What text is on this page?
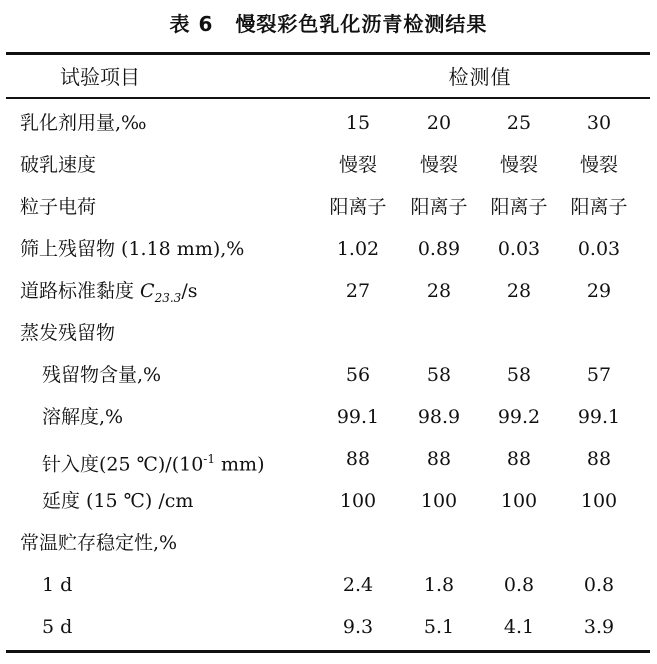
表 6 慢裂彩色乳化沥青检测结果
试验项目	检测值
乳化剂用量,‰	15	20	25	30
破乳速度	慢裂	慢裂	慢裂	慢裂
粒子电荷	阳离子	阳离子	阳离子	阳离子
筛上残留物 (1.18 mm),%	1.02	0.89	0.03	0.03
道路标准黏度 $C_{23.3}/s$	27	28	28	29
蒸发残留物
残留物含量,%	56	58	58	57
溶解度,%	99.1	98.9	99.2	99.1
针入度(25 $℃)/(10^{-1}$ mm)	88	88	88	88
延度 (15 ℃) /cm	100	100	100	100
常温贮存稳定性,%
1 d	2.4	1.8	0.8	0.8
5 d	9.3	5.1	4.1	3.9
